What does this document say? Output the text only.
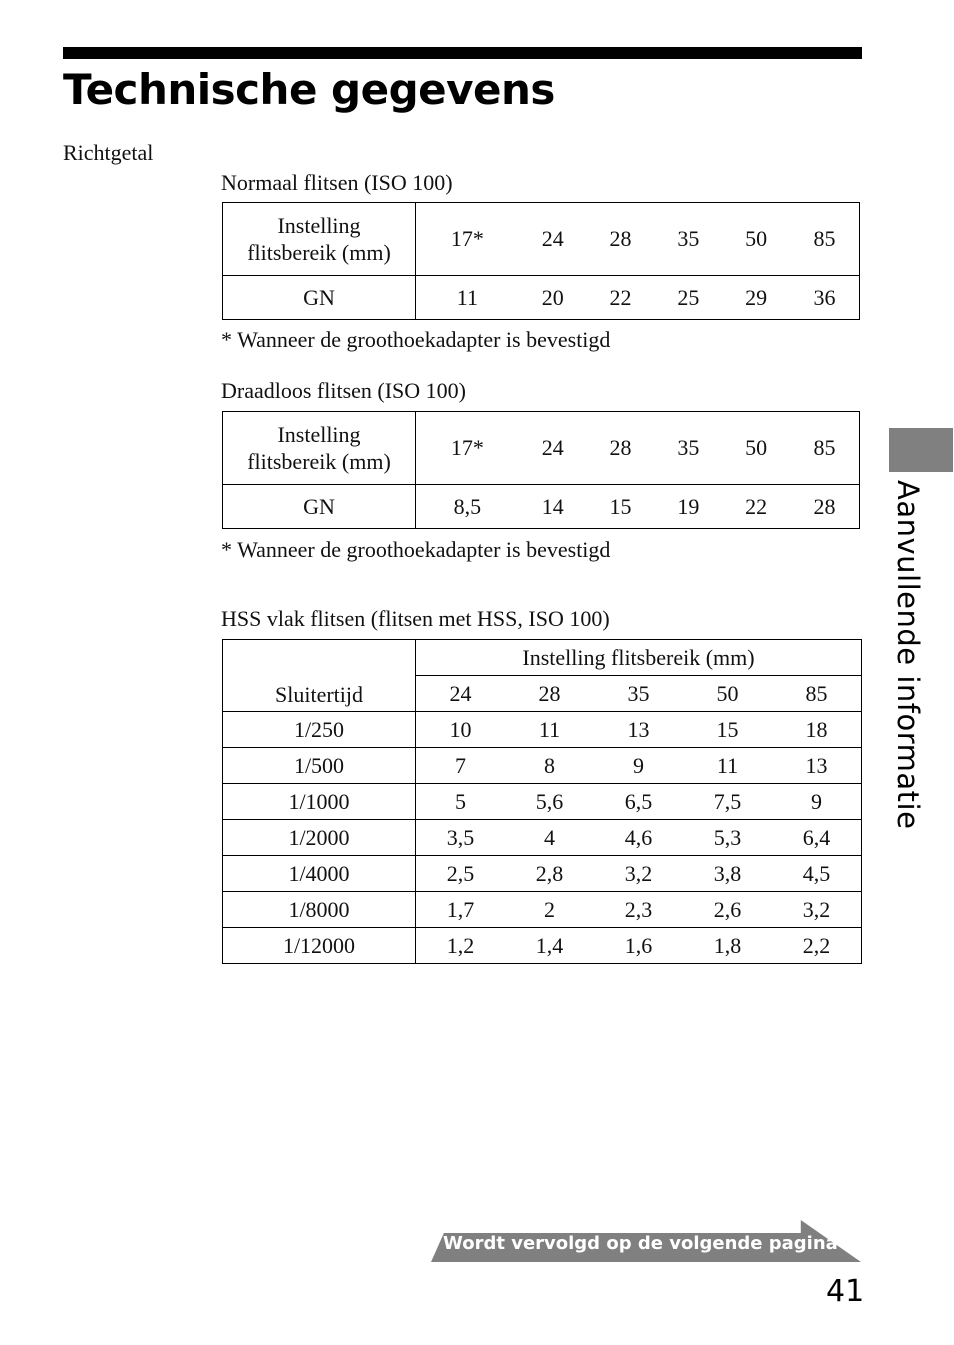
Technische gegevens
Richtgetal
Normaal flitsen (ISO 100)
Instelling
flitsbereik (mm)	17*	24	28	35	50	85
GN	11	20	22	25	29	36
* Wanneer de groothoekadapter is bevestigd
Draadloos flitsen (ISO 100)
Instelling
flitsbereik (mm)	17*	24	28	35	50	85
GN	8,5	14	15	19	22	28
* Wanneer de groothoekadapter is bevestigd
HSS vlak flitsen (flitsen met HSS, ISO 100)
Sluitertijd	Instelling flitsbereik (mm)				
	24	28	35	50	85
1/250	10	11	13	15	18
1/500	7	8	9	11	13
1/1000	5	5,6	6,5	7,5	9
1/2000	3,5	4	4,6	5,3	6,4
1/4000	2,5	2,8	3,2	3,8	4,5
1/8000	1,7	2	2,3	2,6	3,2
1/12000	1,2	1,4	1,6	1,8	2,2
Aanvullende informatie
Wordt vervolgd op de volgende pagina
41
